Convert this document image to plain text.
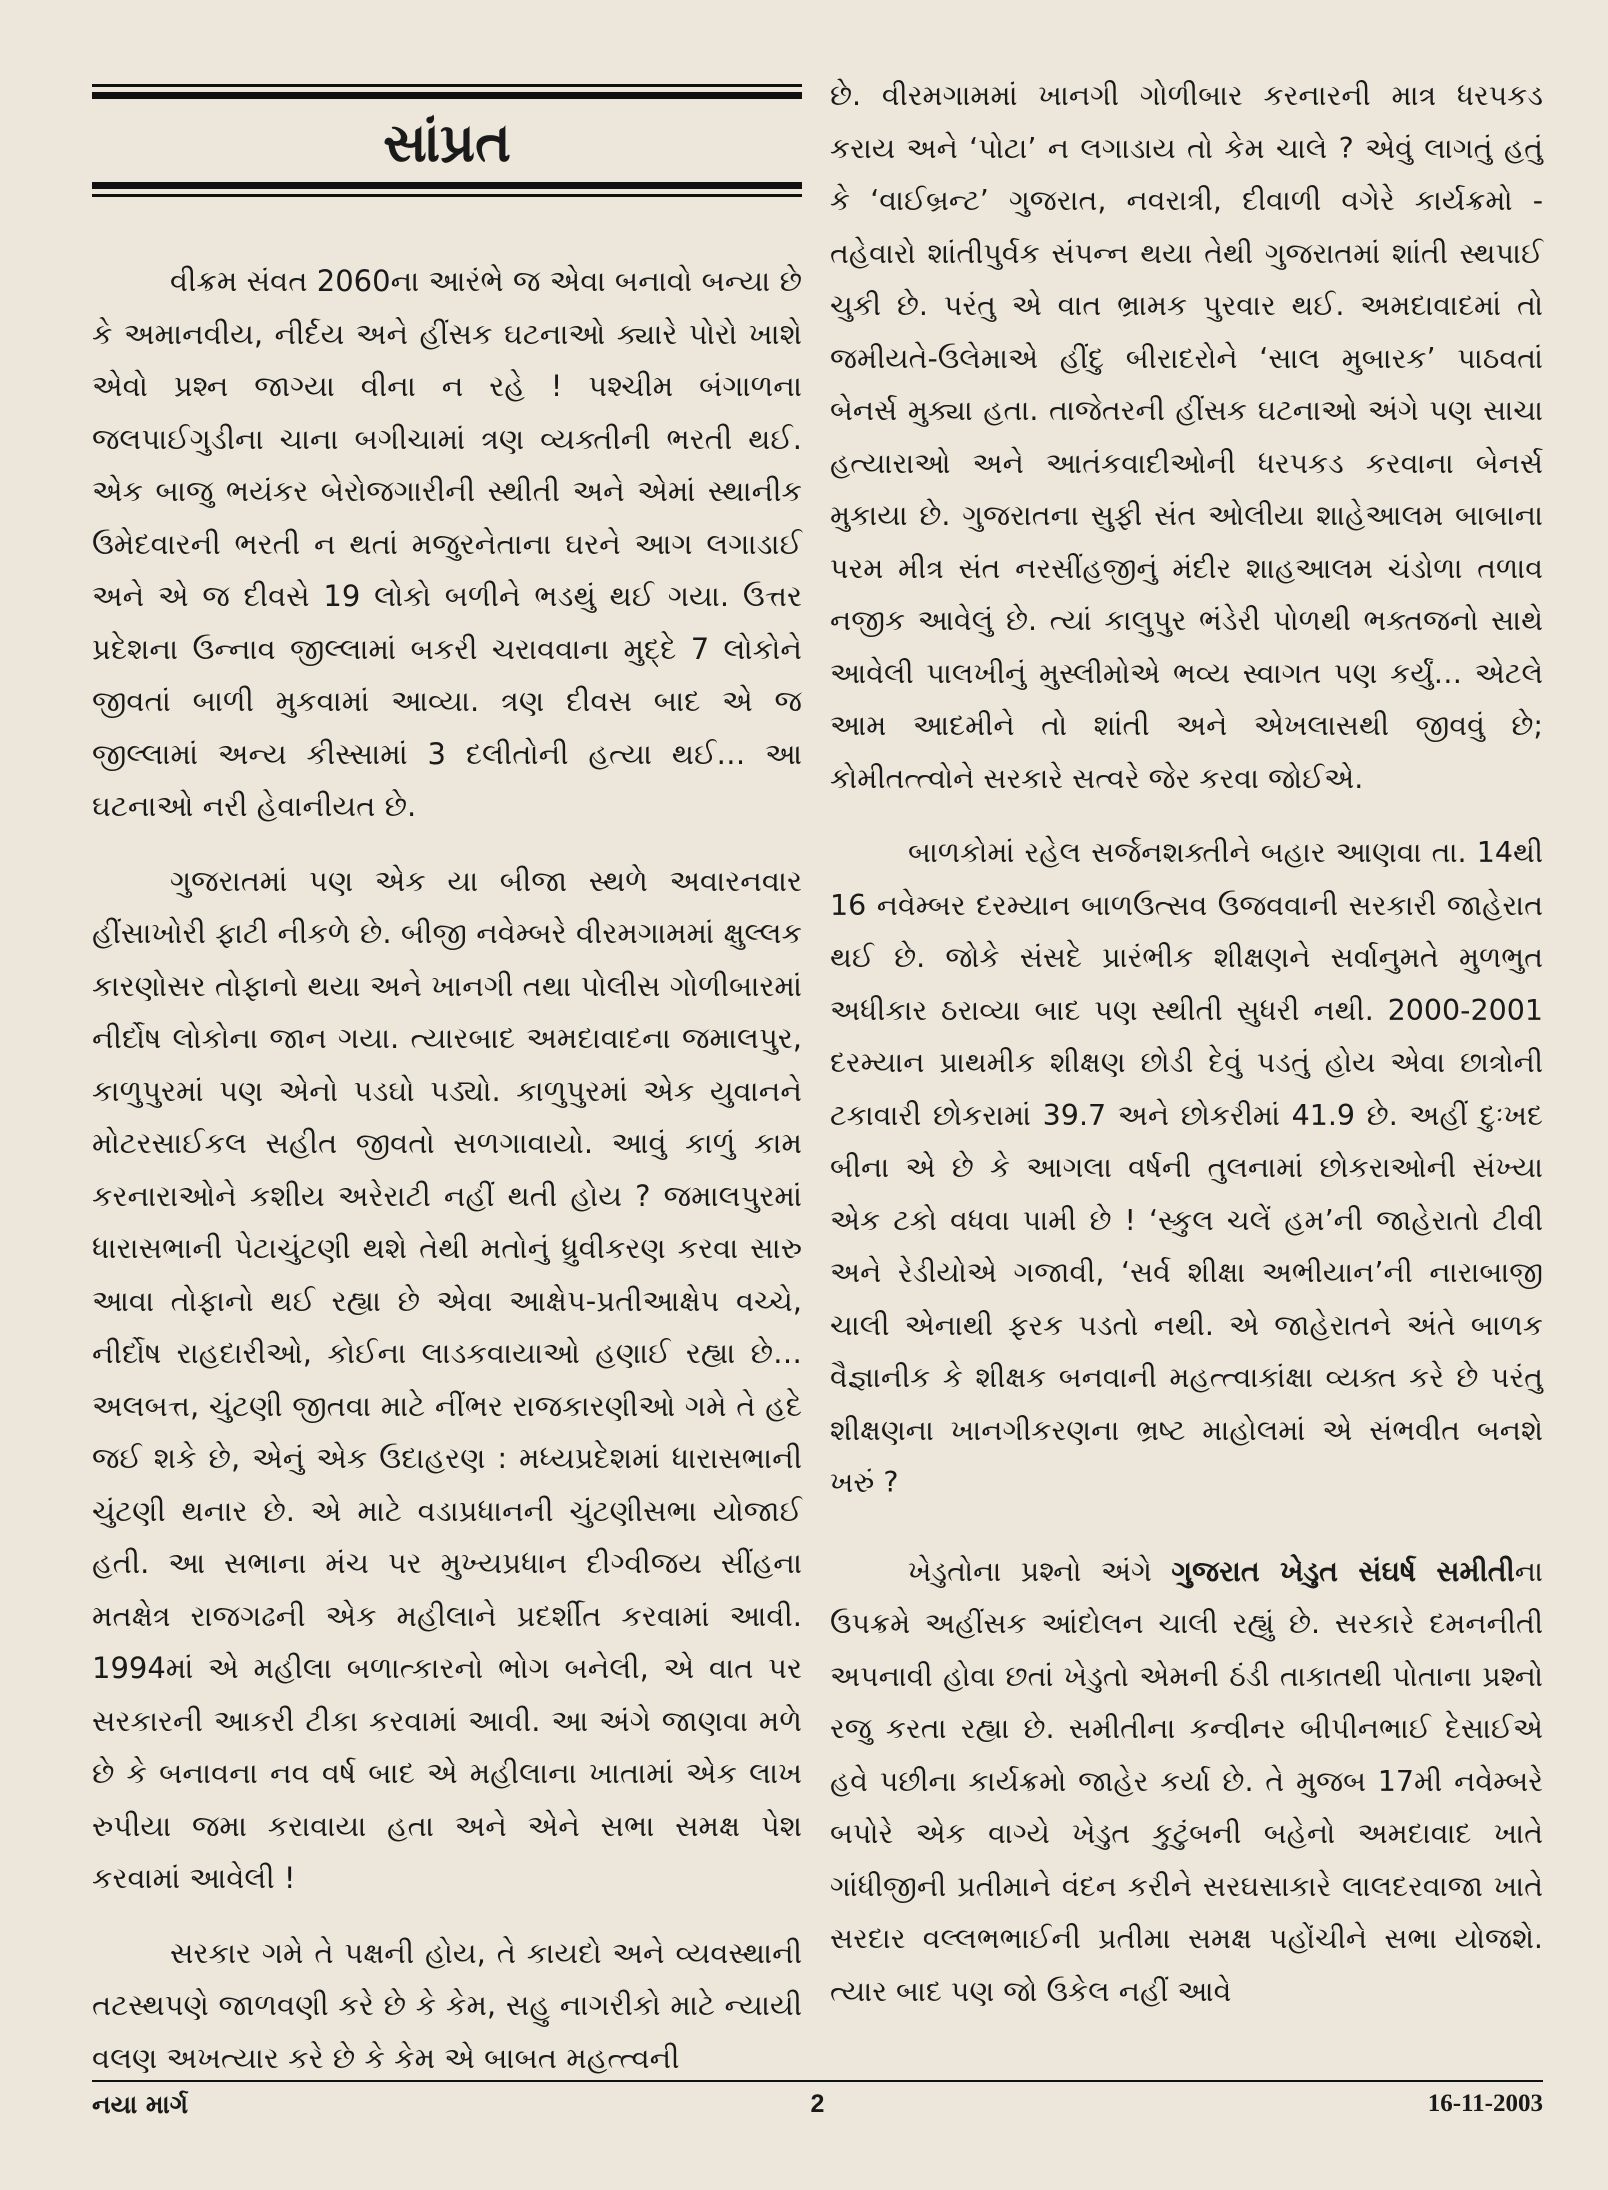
સાંપ્રત

વીક્રમ સંવત 2060ના આરંભે જ એવા બનાવો બન્યા છે કે અમાનવીય, નીર્દય અને હીંસક ઘટનાઓ ક્યારે પોરો ખાશે એવો પ્રશ્ન જાગ્યા વીના ન રહે ! પશ્ચીમ બંગાળના જલપાઈગુડીના ચાના બગીચામાં ત્રણ વ્યક્તીની ભરતી થઈ. એક બાજુ ભયંકર બેરોજગારીની સ્થીતી અને એમાં સ્થાનીક ઉમેદવારની ભરતી ન થતાં મજુરનેતાના ઘરને આગ લગાડાઈ અને એ જ દીવસે 19 લોકો બળીને ભડથું થઈ ગયા. ઉત્તર પ્રદેશના ઉન્નાવ જીલ્લામાં બકરી ચરાવવાના મુદ્દે 7 લોકોને જીવતાં બાળી મુકવામાં આવ્યા. ત્રણ દીવસ બાદ એ જ જીલ્લામાં અન્ય કીસ્સામાં 3 દલીતોની હત્યા થઈ… આ ઘટનાઓ નરી હેવાનીયત છે.

ગુજરાતમાં પણ એક યા બીજા સ્થળે અવારનવાર હીંસાખોરી ફાટી નીકળે છે. બીજી નવેમ્બરે વીરમગામમાં ક્ષુલ્લક કારણોસર તોફાનો થયા અને ખાનગી તથા પોલીસ ગોળીબારમાં નીર્દોષ લોકોના જાન ગયા. ત્યારબાદ અમદાવાદના જમાલપુર, કાળુપુરમાં પણ એનો પડઘો પડ્યો. કાળુપુરમાં એક યુવાનને મોટરસાઈકલ સહીત જીવતો સળગાવાયો. આવું કાળું કામ કરનારાઓને કશીય અરેરાટી નહીં થતી હોય ? જમાલપુરમાં ધારાસભાની પેટાચુંટણી થશે તેથી મતોનું ધ્રુવીકરણ કરવા સારુ આવા તોફાનો થઈ રહ્યા છે એવા આક્ષેપ-પ્રતીઆક્ષેપ વચ્ચે, નીર્દોષ રાહદારીઓ, કોઈના લાડકવાયાઓ હણાઈ રહ્યા છે… અલબત્ત, ચુંટણી જીતવા માટે નીંભર રાજકારણીઓ ગમે તે હદે જઈ શકે છે, એનું એક ઉદાહરણ : મધ્યપ્રદેશમાં ધારાસભાની ચુંટણી થનાર છે. એ માટે વડાપ્રધાનની ચુંટણીસભા યોજાઈ હતી. આ સભાના મંચ પર મુખ્યપ્રધાન દીગ્વીજય સીંહના મતક્ષેત્ર રાજગઢની એક મહીલાને પ્રદર્શીત કરવામાં આવી. 1994માં એ મહીલા બળાત્કારનો ભોગ બનેલી, એ વાત પર સરકારની આકરી ટીકા કરવામાં આવી. આ અંગે જાણવા મળે છે કે બનાવના નવ વર્ષ બાદ એ મહીલાના ખાતામાં એક લાખ રુપીયા જમા કરાવાયા હતા અને એને સભા સમક્ષ પેશ કરવામાં આવેલી !

સરકાર ગમે તે પક્ષની હોય, તે કાયદો અને વ્યવસ્થાની તટસ્થપણે જાળવણી કરે છે કે કેમ, સહુ નાગરીકો માટે ન્યાયી વલણ અખત્યાર કરે છે કે કેમ એ બાબત મહત્ત્વની

છે. વીરમગામમાં ખાનગી ગોળીબાર કરનારની માત્ર ધરપકડ કરાય અને ‘પોટા’ ન લગાડાય તો કેમ ચાલે ? એવું લાગતું હતું કે ‘વાઈબ્રન્ટ’ ગુજરાત, નવરાત્રી, દીવાળી વગેરે કાર્યક્રમો - તહેવારો શાંતીપુર્વક સંપન્ન થયા તેથી ગુજરાતમાં શાંતી સ્થપાઈ ચુકી છે. પરંતુ એ વાત ભ્રામક પુરવાર થઈ. અમદાવાદમાં તો જમીયતે-ઉલેમાએ હીંદુ બીરાદરોને ‘સાલ મુબારક’ પાઠવતાં બેનર્સ મુક્યા હતા. તાજેતરની હીંસક ઘટનાઓ અંગે પણ સાચા હત્યારાઓ અને આતંકવાદીઓની ધરપકડ કરવાના બેનર્સ મુકાયા છે. ગુજરાતના સુફી સંત ઓલીયા શાહેઆલમ બાબાના પરમ મીત્ર સંત નરસીંહજીનું મંદીર શાહઆલમ ચંડોળા તળાવ નજીક આવેલું છે. ત્યાં કાલુપુર ભંડેરી પોળથી ભક્તજનો સાથે આવેલી પાલખીનું મુસ્લીમોએ ભવ્ય સ્વાગત પણ કર્યું… એટલે આમ આદમીને તો શાંતી અને એખલાસથી જીવવું છે; કોમીતત્ત્વોને સરકારે સત્વરે જેર કરવા જોઈએ.

બાળકોમાં રહેલ સર્જનશક્તીને બહાર આણવા તા. 14થી 16 નવેમ્બર દરમ્યાન બાળઉત્સવ ઉજવવાની સરકારી જાહેરાત થઈ છે. જોકે સંસદે પ્રારંભીક શીક્ષણને સર્વાનુમતે મુળભુત અધીકાર ઠરાવ્યા બાદ પણ સ્થીતી સુધરી નથી. 2000-2001 દરમ્યાન પ્રાથમીક શીક્ષણ છોડી દેવું પડતું હોય એવા છાત્રોની ટકાવારી છોકરામાં 39.7 અને છોકરીમાં 41.9 છે. અહીં દુઃખદ બીના એ છે કે આગલા વર્ષની તુલનામાં છોકરાઓની સંખ્યા એક ટકો વધવા પામી છે ! ‘સ્કુલ ચલેં હમ’ની જાહેરાતો ટીવી અને રેડીયોએ ગજાવી, ‘સર્વ શીક્ષા અભીયાન’ની નારાબાજી ચાલી એનાથી ફરક પડતો નથી. એ જાહેરાતને અંતે બાળક વૈજ્ઞાનીક કે શીક્ષક બનવાની મહત્ત્વાકાંક્ષા વ્યક્ત કરે છે પરંતુ શીક્ષણના ખાનગીકરણના ભ્રષ્ટ માહોલમાં એ સંભવીત બનશે ખરું ?

ખેડુતોના પ્રશ્નો અંગે ગુજરાત ખેડુત સંઘર્ષ સમીતીના ઉપક્રમે અહીંસક આંદોલન ચાલી રહ્યું છે. સરકારે દમનનીતી અપનાવી હોવા છતાં ખેડુતો એમની ઠંડી તાકાતથી પોતાના પ્રશ્નો રજુ કરતા રહ્યા છે. સમીતીના કન્વીનર બીપીનભાઈ દેસાઈએ હવે પછીના કાર્યક્રમો જાહેર કર્યા છે. તે મુજબ 17મી નવેમ્બરે બપોરે એક વાગ્યે ખેડુત કુટુંબની બહેનો અમદાવાદ ખાતે ગાંધીજીની પ્રતીમાને વંદન કરીને સરઘસાકારે લાલદરવાજા ખાતે સરદાર વલ્લભભાઈની પ્રતીમા સમક્ષ પહોંચીને સભા યોજશે. ત્યાર બાદ પણ જો ઉકેલ નહીં આવે

નયા માર્ગ	2	16-11-2003
